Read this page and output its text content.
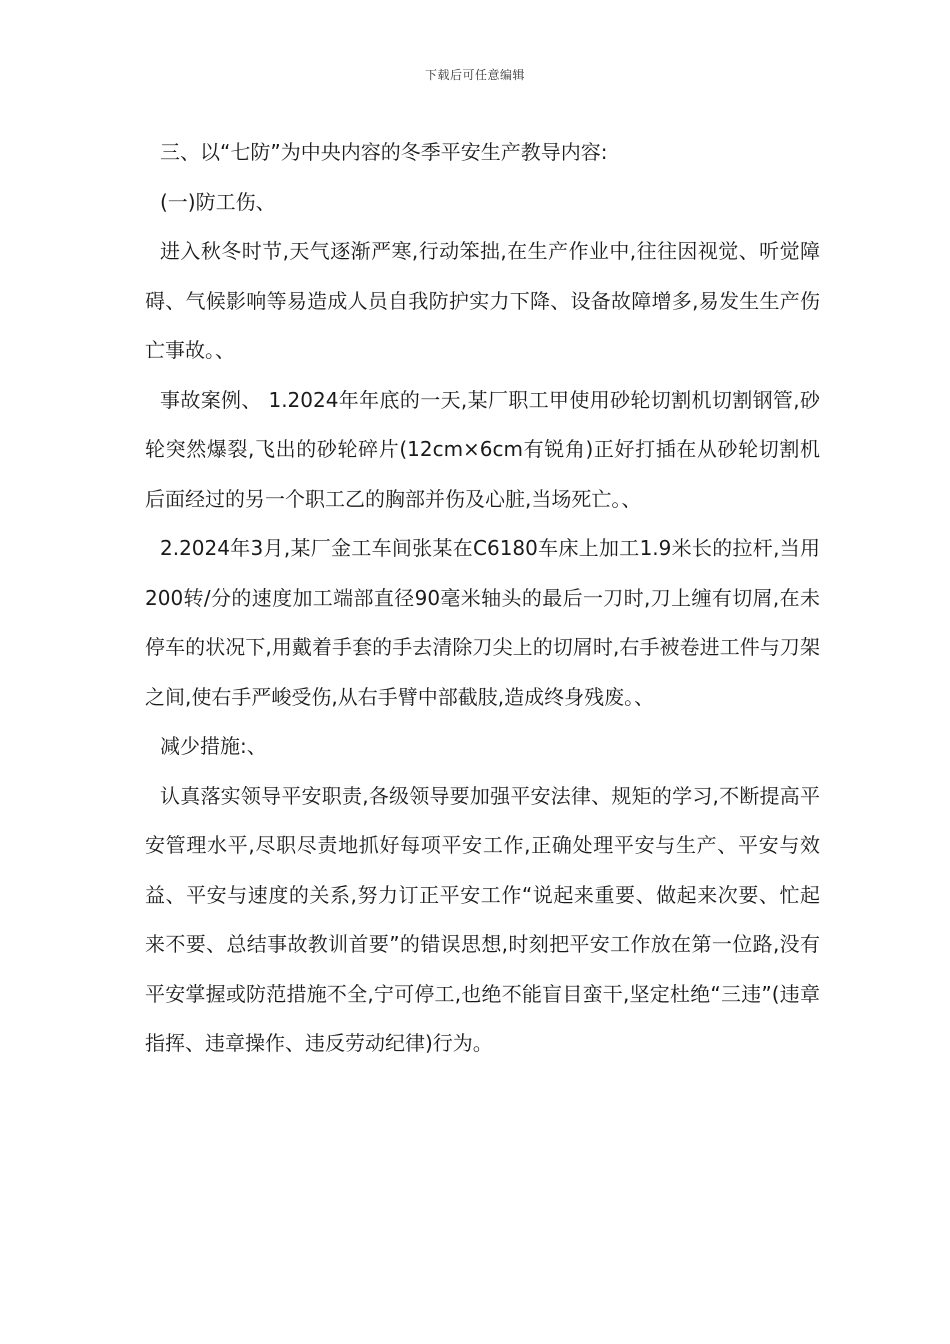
下载后可任意编辑

三、以“七防”为中央内容的冬季平安生产教导内容:

(一)防工伤、

进入秋冬时节,天气逐渐严寒,行动笨拙,在生产作业中,往往因视觉、听觉障碍、气候影响等易造成人员自我防护实力下降、设备故障增多,易发生生产伤亡事故。、

事故案例、 1.2024年年底的一天,某厂职工甲使用砂轮切割机切割钢管,砂轮突然爆裂,飞出的砂轮碎片(12cm×6cm有锐角)正好打插在从砂轮切割机后面经过的另一个职工乙的胸部并伤及心脏,当场死亡。、

2.2024年3月,某厂金工车间张某在C6180车床上加工1.9米长的拉杆,当用200转/分的速度加工端部直径90毫米轴头的最后一刀时,刀上缠有切屑,在未停车的状况下,用戴着手套的手去清除刀尖上的切屑时,右手被卷进工件与刀架之间,使右手严峻受伤,从右手臂中部截肢,造成终身残废。、

减少措施:、

认真落实领导平安职责,各级领导要加强平安法律、规矩的学习,不断提高平安管理水平,尽职尽责地抓好每项平安工作,正确处理平安与生产、平安与效益、平安与速度的关系,努力订正平安工作“说起来重要、做起来次要、忙起来不要、总结事故教训首要”的错误思想,时刻把平安工作放在第一位路,没有平安掌握或防范措施不全,宁可停工,也绝不能盲目蛮干,坚定杜绝“三违”(违章指挥、违章操作、违反劳动纪律)行为。
